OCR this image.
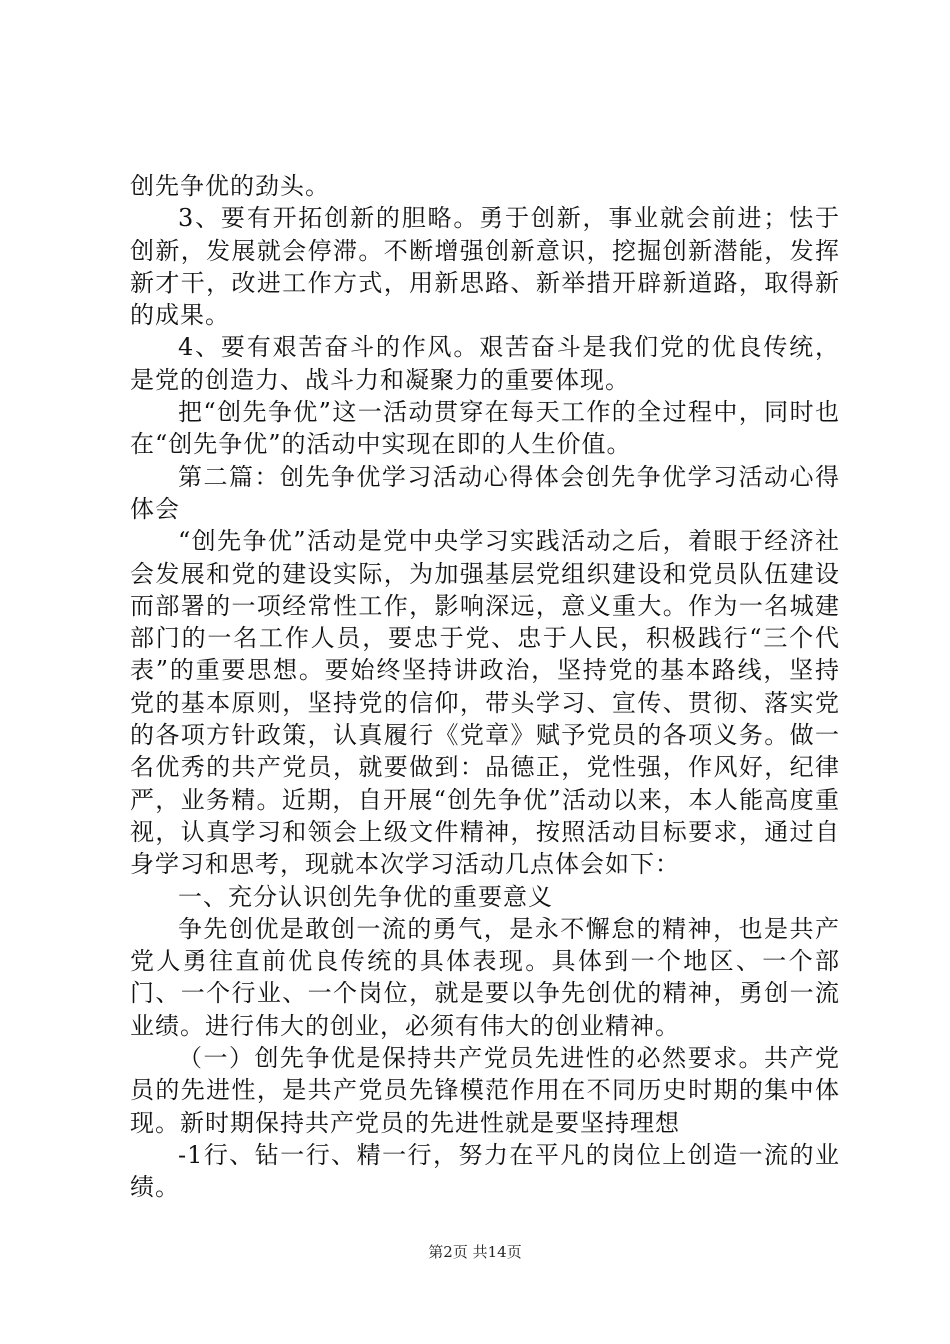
创先争优的劲头。

3、要有开拓创新的胆略。勇于创新，事业就会前进；怯于创新，发展就会停滞。不断增强创新意识，挖掘创新潜能，发挥新才干，改进工作方式，用新思路、新举措开辟新道路，取得新的成果。

4、要有艰苦奋斗的作风。艰苦奋斗是我们党的优良传统，是党的创造力、战斗力和凝聚力的重要体现。

把“创先争优”这一活动贯穿在每天工作的全过程中，同时也在“创先争优”的活动中实现在即的人生价值。

第二篇：创先争优学习活动心得体会创先争优学习活动心得体会

“创先争优”活动是党中央学习实践活动之后，着眼于经济社会发展和党的建设实际，为加强基层党组织建设和党员队伍建设而部署的一项经常性工作，影响深远，意义重大。作为一名城建部门的一名工作人员，要忠于党、忠于人民，积极践行“三个代表”的重要思想。要始终坚持讲政治，坚持党的基本路线，坚持党的基本原则，坚持党的信仰，带头学习、宣传、贯彻、落实党的各项方针政策，认真履行《党章》赋予党员的各项义务。做一名优秀的共产党员，就要做到：品德正，党性强，作风好，纪律严，业务精。近期，自开展“创先争优”活动以来，本人能高度重视，认真学习和领会上级文件精神，按照活动目标要求，通过自身学习和思考，现就本次学习活动几点体会如下：

一、充分认识创先争优的重要意义

争先创优是敢创一流的勇气，是永不懈怠的精神，也是共产党人勇往直前优良传统的具体表现。具体到一个地区、一个部门、一个行业、一个岗位，就是要以争先创优的精神，勇创一流业绩。进行伟大的创业，必须有伟大的创业精神。

（一）创先争优是保持共产党员先进性的必然要求。共产党员的先进性，是共产党员先锋模范作用在不同历史时期的集中体现。新时期保持共产党员的先进性就是要坚持理想

-1行、钻一行、精一行，努力在平凡的岗位上创造一流的业绩。

第2页 共14页
